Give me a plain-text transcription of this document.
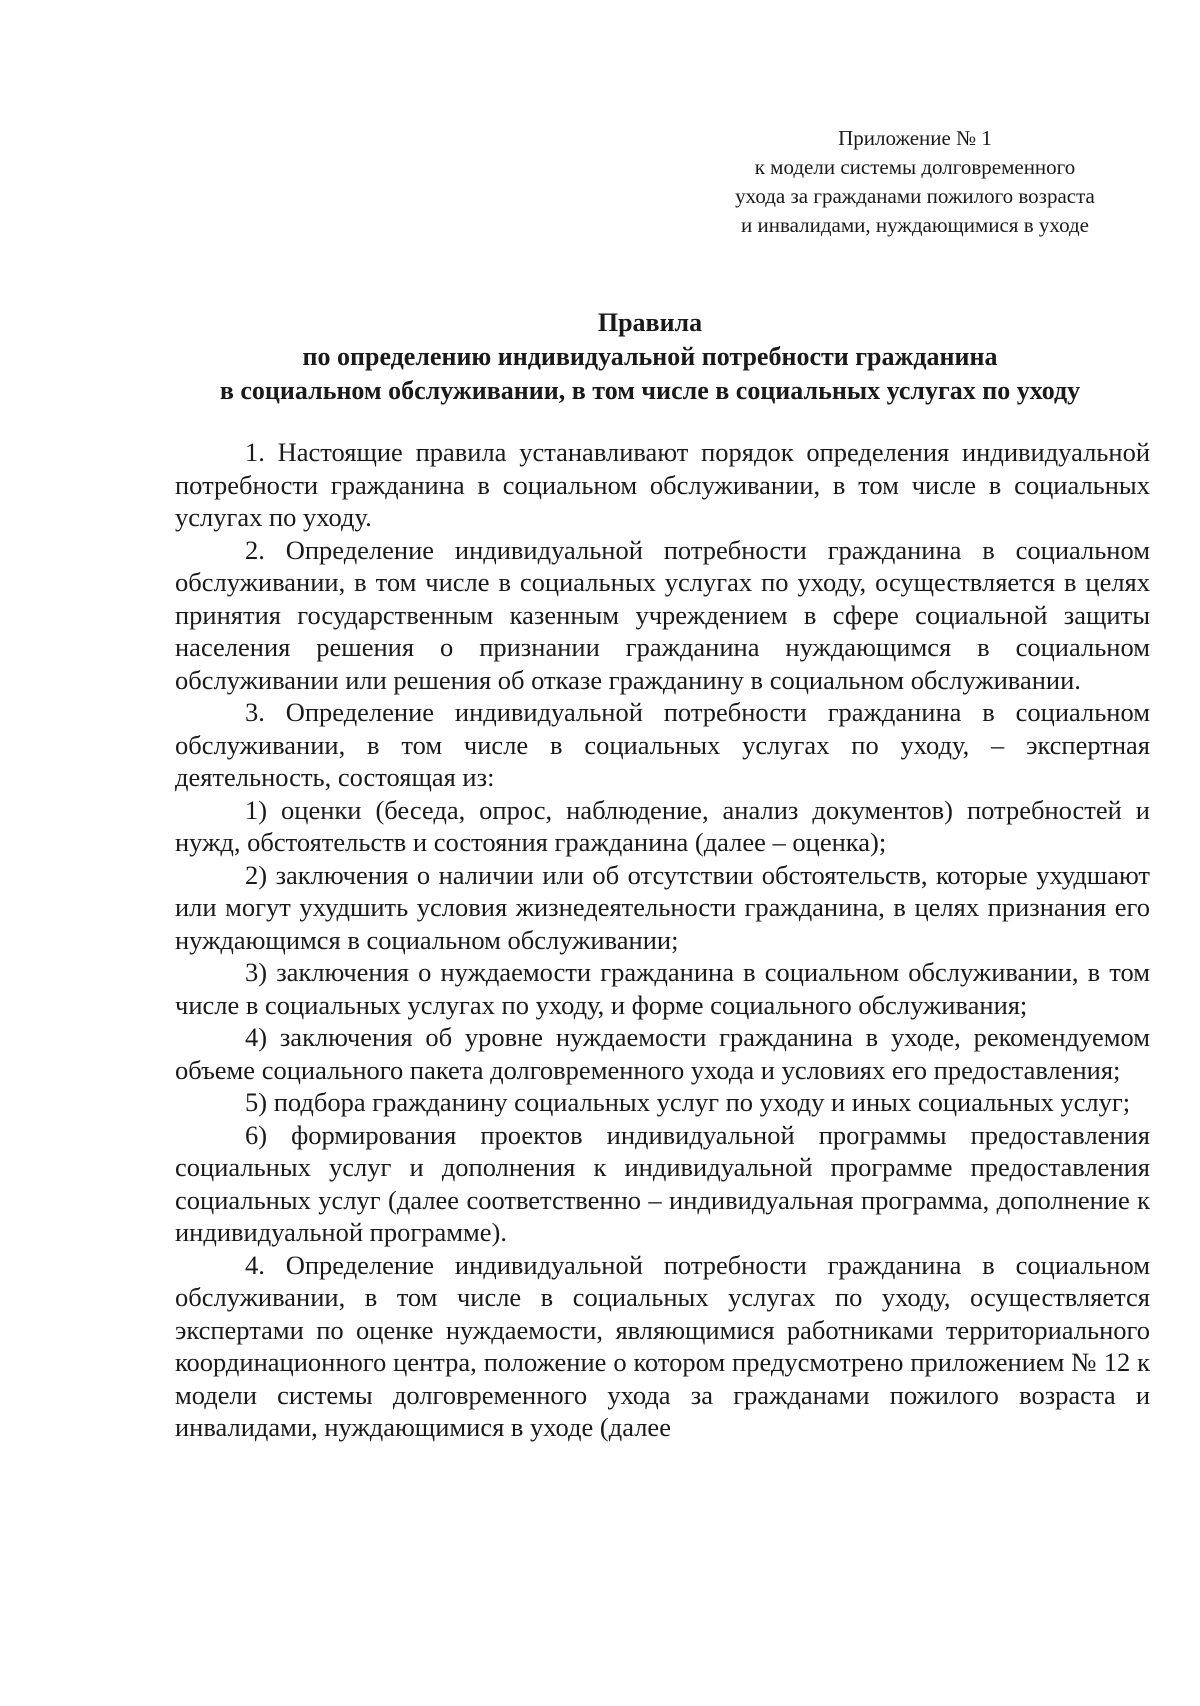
Приложение № 1
к модели системы долговременного
ухода за гражданами пожилого возраста
и инвалидами, нуждающимися в уходе
Правила
по определению индивидуальной потребности гражданина
в социальном обслуживании, в том числе в социальных услугах по уходу

1. Настоящие правила устанавливают порядок определения индивидуальной потребности гражданина в социальном обслуживании, в том числе в социальных услугах по уходу.

2. Определение индивидуальной потребности гражданина в социальном обслуживании, в том числе в социальных услугах по уходу, осуществляется в целях принятия государственным казенным учреждением в сфере социальной защиты населения решения о признании гражданина нуждающимся в социальном обслуживании или решения об отказе гражданину в социальном обслуживании.

3. Определение индивидуальной потребности гражданина в социальном обслуживании, в том числе в социальных услугах по уходу, – экспертная деятельность, состоящая из:

1) оценки (беседа, опрос, наблюдение, анализ документов) потребностей и нужд, обстоятельств и состояния гражданина (далее – оценка);

2) заключения о наличии или об отсутствии обстоятельств, которые ухудшают или могут ухудшить условия жизнедеятельности гражданина, в целях признания его нуждающимся в социальном обслуживании;

3) заключения о нуждаемости гражданина в социальном обслуживании, в том числе в социальных услугах по уходу, и форме социального обслуживания;

4) заключения об уровне нуждаемости гражданина в уходе, рекомендуемом объеме социального пакета долговременного ухода и условиях его предоставления;

5) подбора гражданину социальных услуг по уходу и иных социальных услуг;

6) формирования проектов индивидуальной программы предоставления социальных услуг и дополнения к индивидуальной программе предоставления социальных услуг (далее соответственно – индивидуальная программа, дополнение к индивидуальной программе).

4. Определение индивидуальной потребности гражданина в социальном обслуживании, в том числе в социальных услугах по уходу, осуществляется экспертами по оценке нуждаемости, являющимися работниками территориального координационного центра, положение о котором предусмотрено приложением № 12 к модели системы долговременного ухода за гражданами пожилого возраста и инвалидами, нуждающимися в уходе (далее
